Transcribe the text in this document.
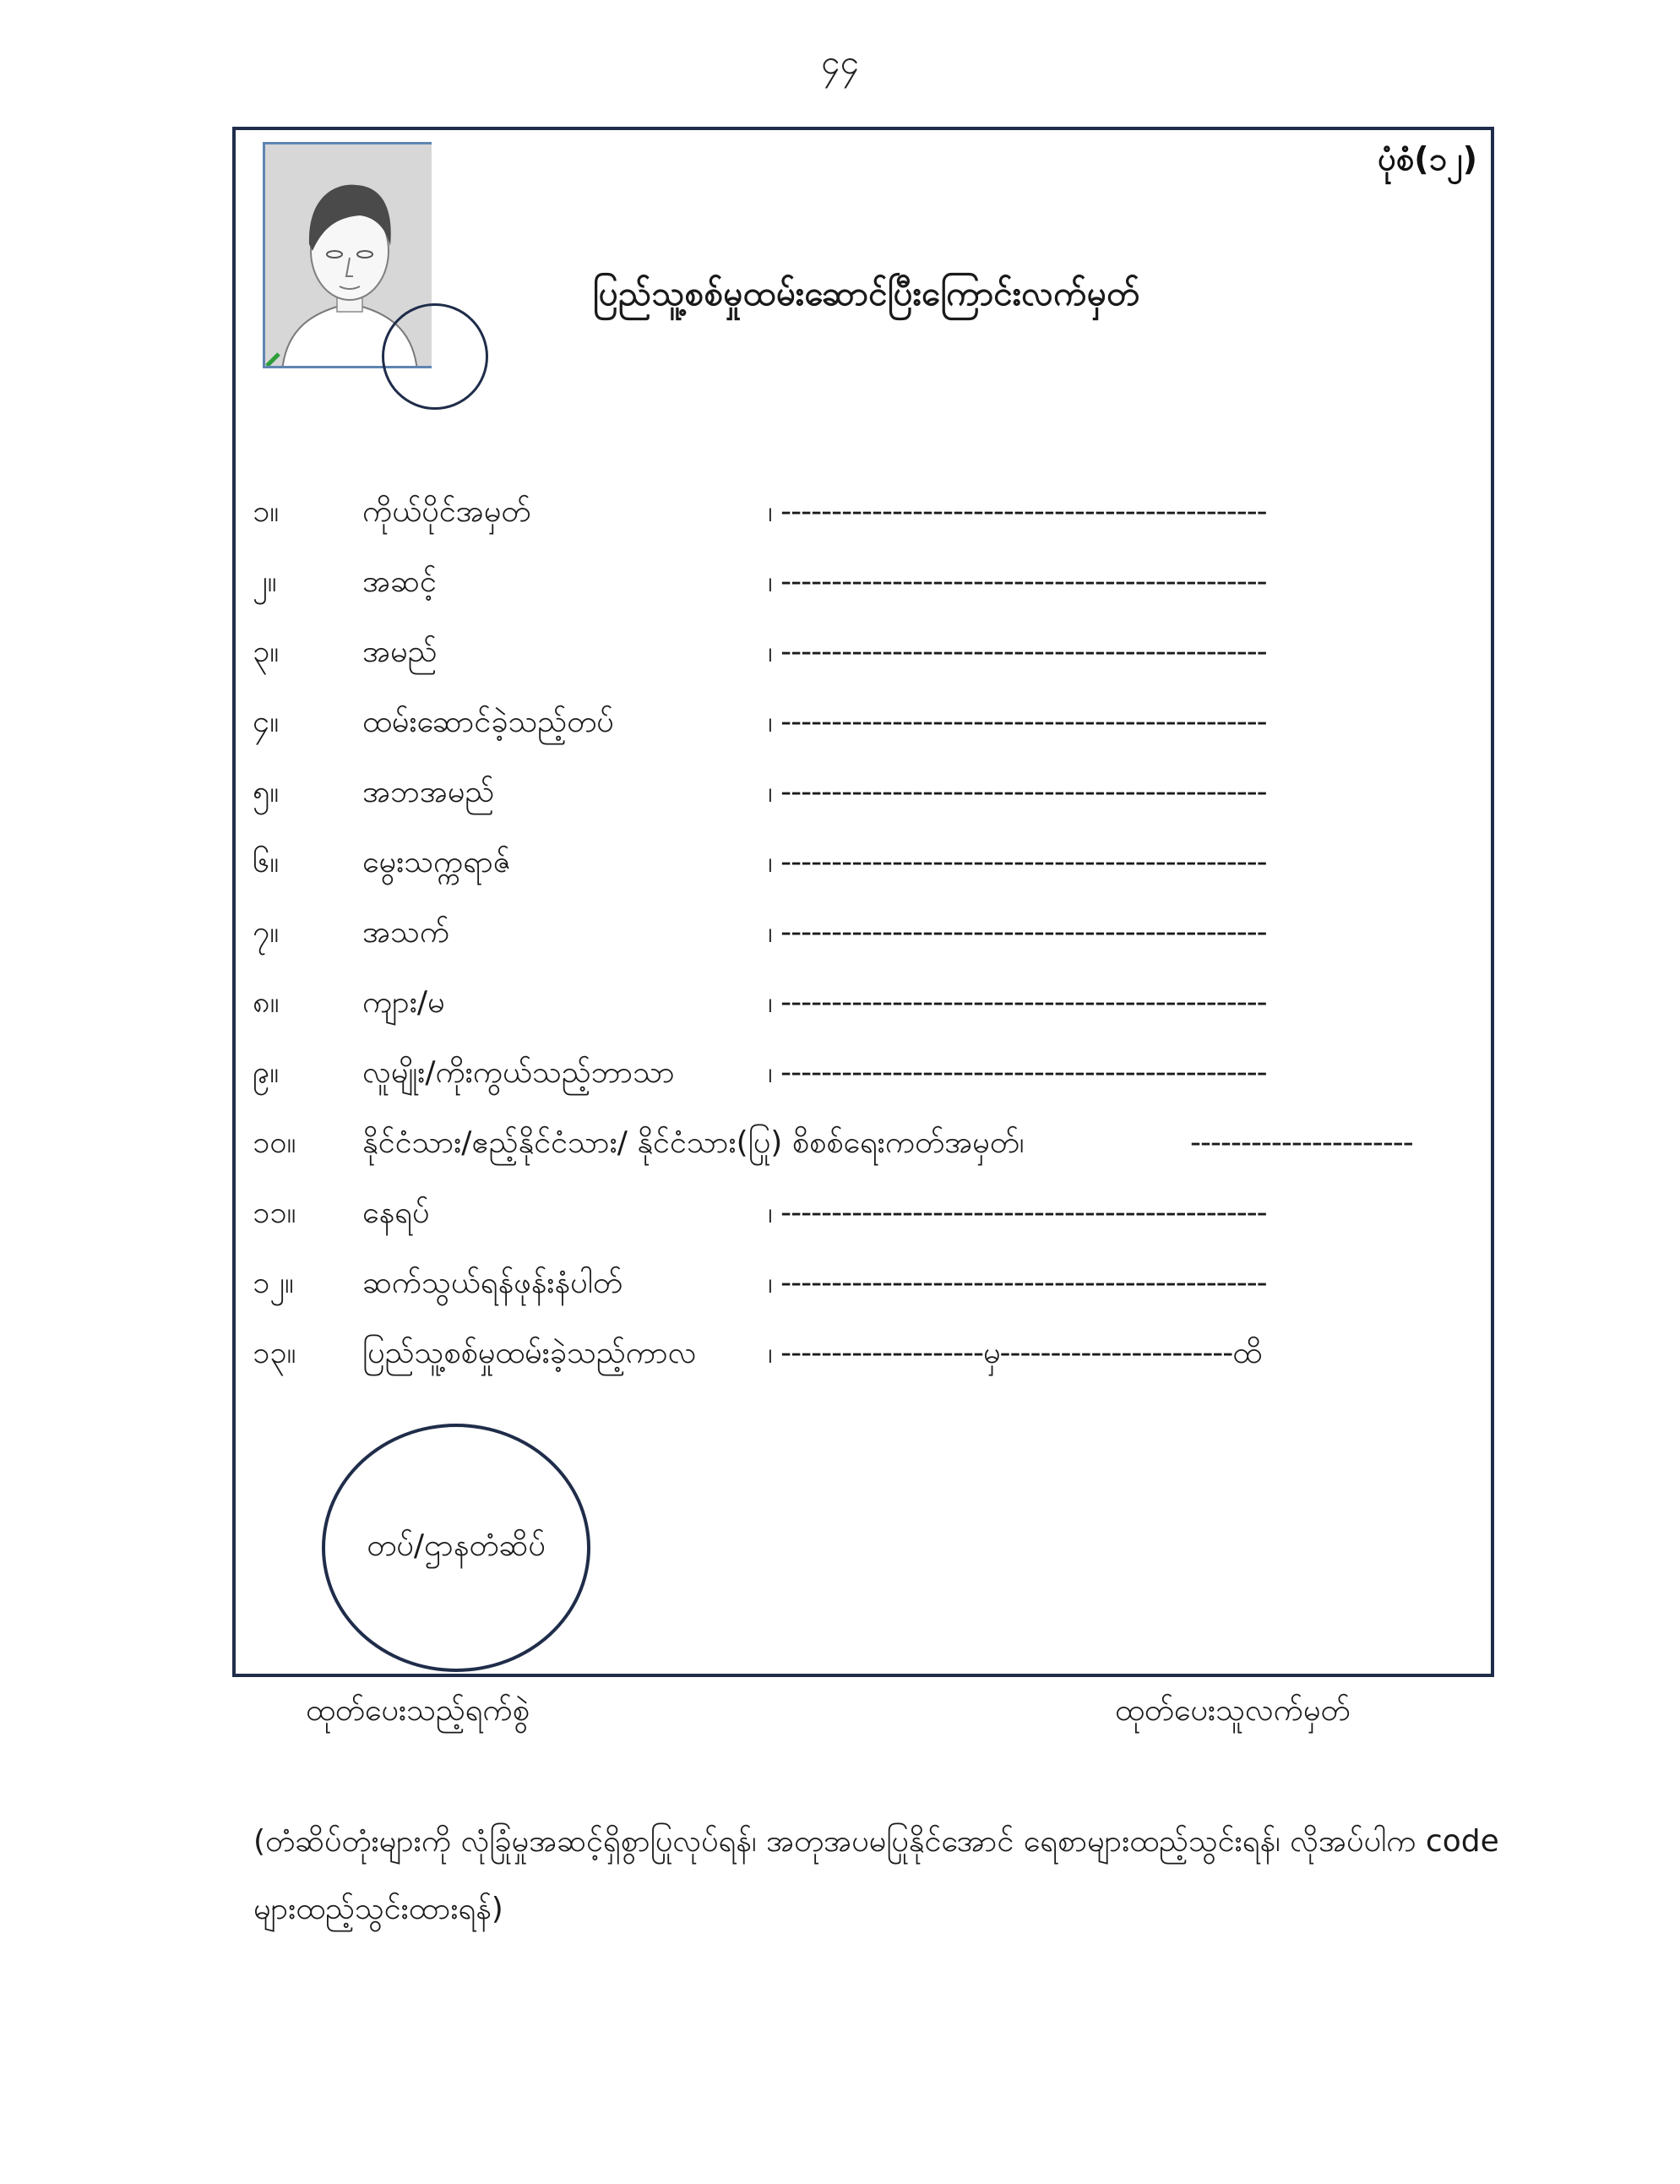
၄၄
ပုံစံ(၁၂)
ပြည်သူ့စစ်မှုထမ်းဆောင်ပြီးကြောင်းလက်မှတ်
၁။	ကိုယ်ပိုင်အမှတ်	၊ ------------------------------------------------
၂။	အဆင့်	၊ ------------------------------------------------
၃။	အမည်	၊ ------------------------------------------------
၄။	ထမ်းဆောင်ခဲ့သည့်တပ်	၊ ------------------------------------------------
၅။	အဘအမည်	၊ ------------------------------------------------
၆။	မွေးသက္ကရာဇ်	၊ ------------------------------------------------
၇။	အသက်	၊ ------------------------------------------------
၈။	ကျား/မ	၊ ------------------------------------------------
၉။	လူမျိုး/ကိုးကွယ်သည့်ဘာသာ	၊ ------------------------------------------------
၁၀။ နိုင်ငံသား/ဧည့်နိုင်ငံသား/ နိုင်ငံသား(ပြု) စိစစ်ရေးကတ်အမှတ်၊	----------------------
၁၁။ နေရပ်	၊ ------------------------------------------------
၁၂။ ဆက်သွယ်ရန်ဖုန်းနံပါတ်	၊ ------------------------------------------------
၁၃။ ပြည်သူ့စစ်မှုထမ်းခဲ့သည့်ကာလ ၊ --------------------မှ-----------------------ထိ
တပ်/ဌာနတံဆိပ်
ထုတ်ပေးသည့်ရက်စွဲ	ထုတ်ပေးသူလက်မှတ်
(တံဆိပ်တုံးများကို လုံခြုံမှုအဆင့်ရှိစွာပြုလုပ်ရန်၊ အတုအပမပြုနိုင်အောင် ရေစာများထည့်သွင်းရန်၊ လိုအပ်ပါက code များထည့်သွင်းထားရန်)
